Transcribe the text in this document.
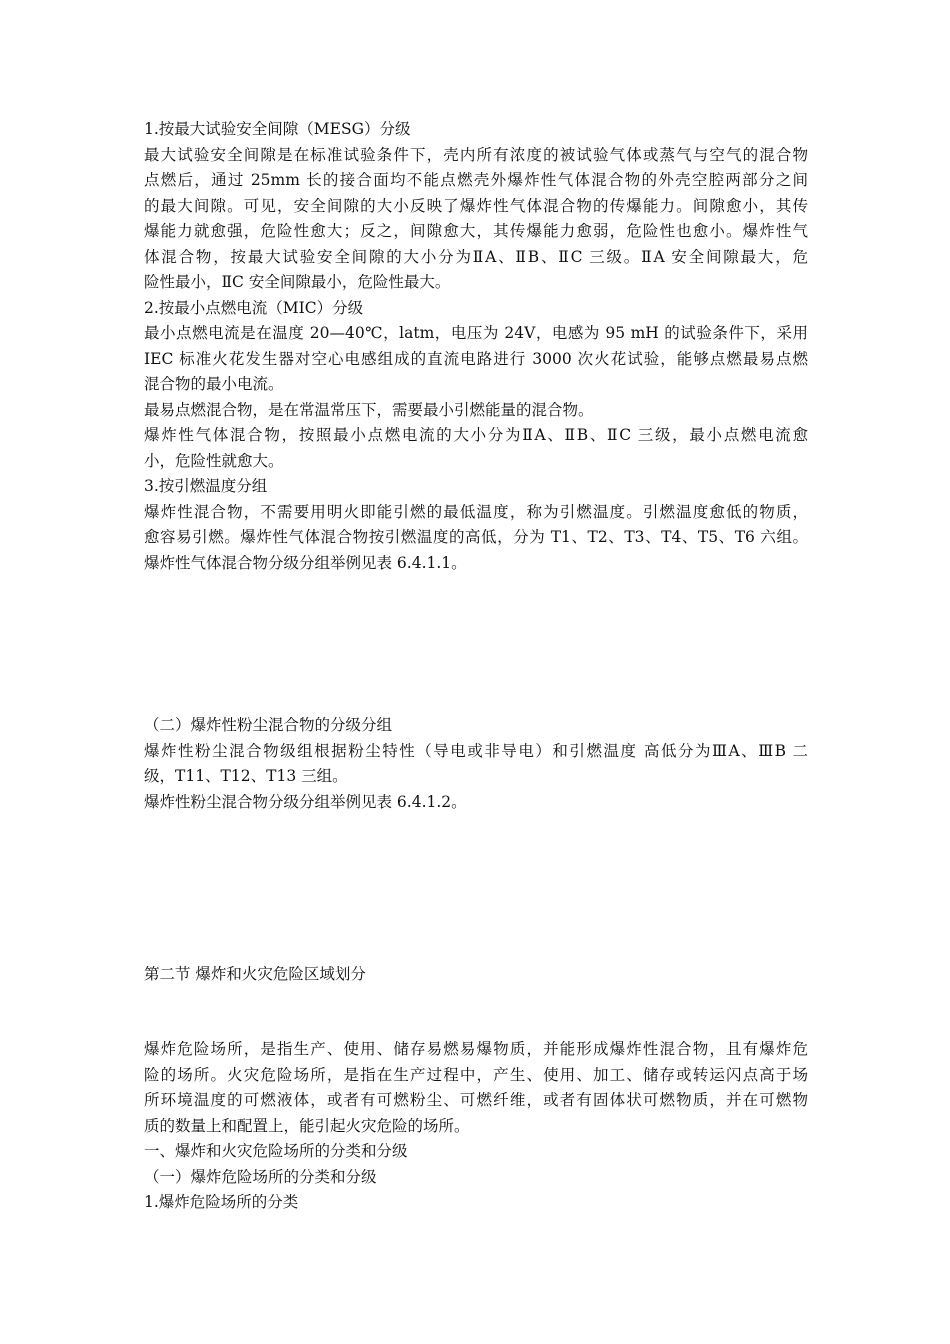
1.按最大试验安全间隙（MESG）分级
最大试验安全间隙是在标准试验条件下，壳内所有浓度的被试验气体或蒸气与空气的混合物
点燃后，通过 25mm 长的接合面均不能点燃壳外爆炸性气体混合物的外壳空腔两部分之间
的最大间隙。可见，安全间隙的大小反映了爆炸性气体混合物的传爆能力。间隙愈小，其传
爆能力就愈强，危险性愈大；反之，间隙愈大，其传爆能力愈弱，危险性也愈小。爆炸性气
体混合物，按最大试验安全间隙的大小分为ⅡA、ⅡB、ⅡC 三级。ⅡA 安全间隙最大，危
险性最小，ⅡC 安全间隙最小，危险性最大。
2.按最小点燃电流（MIC）分级
最小点燃电流是在温度 20—40℃，latm，电压为 24V，电感为 95 mH 的试验条件下，采用
IEC 标准火花发生器对空心电感组成的直流电路进行 3000 次火花试验，能够点燃最易点燃
混合物的最小电流。
最易点燃混合物，是在常温常压下，需要最小引燃能量的混合物。
爆炸性气体混合物，按照最小点燃电流的大小分为ⅡA、ⅡB、ⅡC 三级，最小点燃电流愈
小，危险性就愈大。
3.按引燃温度分组
爆炸性混合物，不需要用明火即能引燃的最低温度，称为引燃温度。引燃温度愈低的物质，
愈容易引燃。爆炸性气体混合物按引燃温度的高低，分为 T1、T2、T3、T4、T5、T6 六组。
爆炸性气体混合物分级分组举例见表 6.4.1.1。
（二）爆炸性粉尘混合物的分级分组
爆炸性粉尘混合物级组根据粉尘特性（导电或非导电）和引燃温度 高低分为ⅢA、ⅢB 二
级，T11、T12、T13 三组。
爆炸性粉尘混合物分级分组举例见表 6.4.1.2。
第二节 爆炸和火灾危险区域划分
爆炸危险场所，是指生产、使用、储存易燃易爆物质，并能形成爆炸性混合物，且有爆炸危
险的场所。火灾危险场所，是指在生产过程中，产生、使用、加工、储存或转运闪点高于场
所环境温度的可燃液体，或者有可燃粉尘、可燃纤维，或者有固体状可燃物质，并在可燃物
质的数量上和配置上，能引起火灾危险的场所。
一、爆炸和火灾危险场所的分类和分级
（一）爆炸危险场所的分类和分级
1.爆炸危险场所的分类
